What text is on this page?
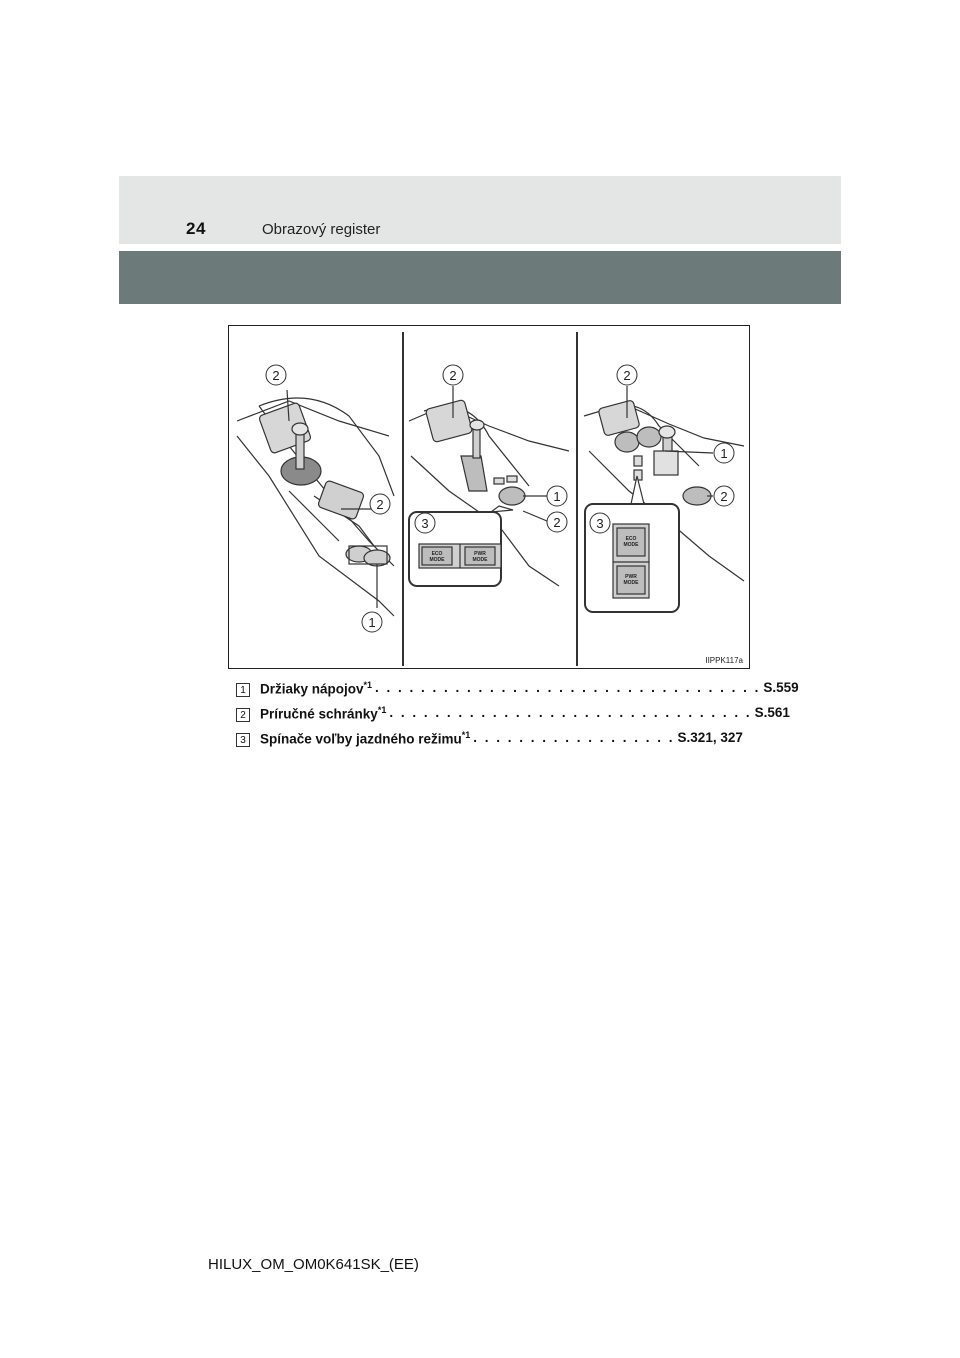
24	Obrazový register
2
2
1
2
1
2
3
2
1
2
3
ECO
MODE
PWR
MODE
ECO
MODE
PWR
MODE
IIPPK117a
1	Držiaky nápojov$^{*1}$ . . . . . . . . . . . . . . . . . . . . . . . . . . . . . . . . . . S.559
2	Príručné schránky$^{*1}$ . . . . . . . . . . . . . . . . . . . . . . . . . . . . . . . . S.561
3	Spínače voľby jazdného režimu$^{*1}$ . . . . . . . . . . . . . . . . . . S.321, 327
HILUX_OM_OM0K641SK_(EE)
